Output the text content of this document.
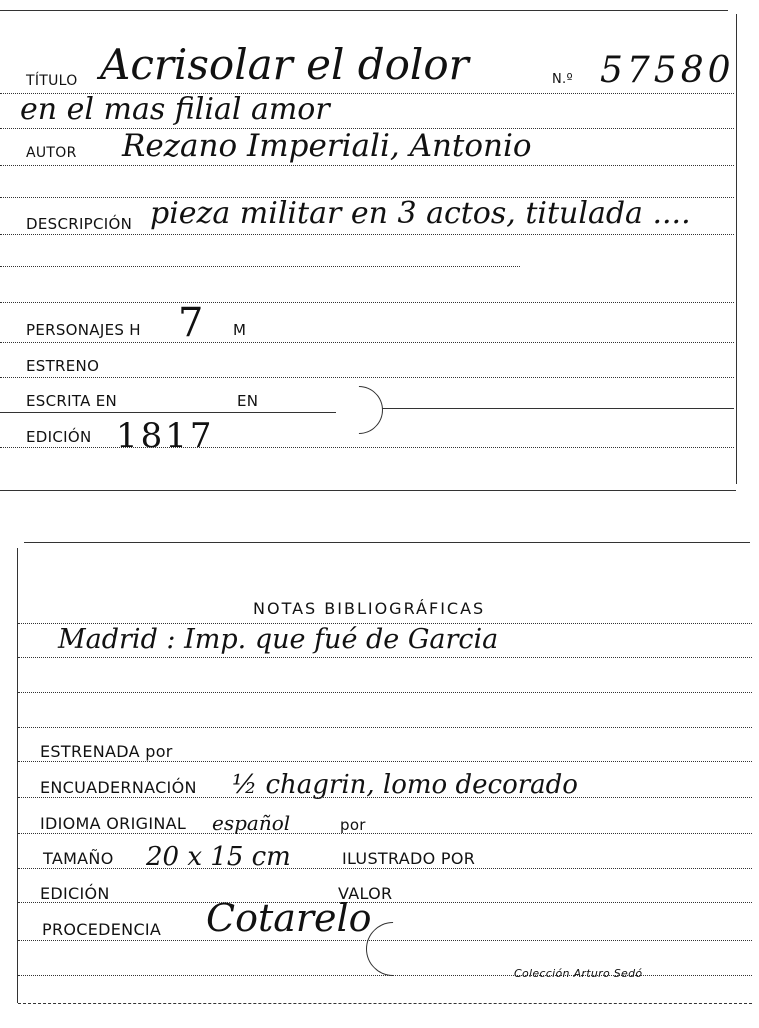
TÍTULO Acrisolar el dolor	N.º 57580
en el mas filial amor
AUTOR Rezano Imperiali, Antonio
DESCRIPCIÓN pieza militar en 3 actos, titulada ....
PERSONAJES H 7 M
ESTRENO
ESCRITA EN	EN
EDICIÓN 1817
NOTAS BIBLIOGRÁFICAS
Madrid : Imp. que fué de Garcia
ESTRENADA por
ENCUADERNACIÓN ½ chagrin, lomo decorado
IDIOMA ORIGINAL español	por
TAMAÑO 20 x 15 cm	ILUSTRADO POR
EDICIÓN	VALOR
PROCEDENCIA Cotarelo
Colección Arturo Sedó
